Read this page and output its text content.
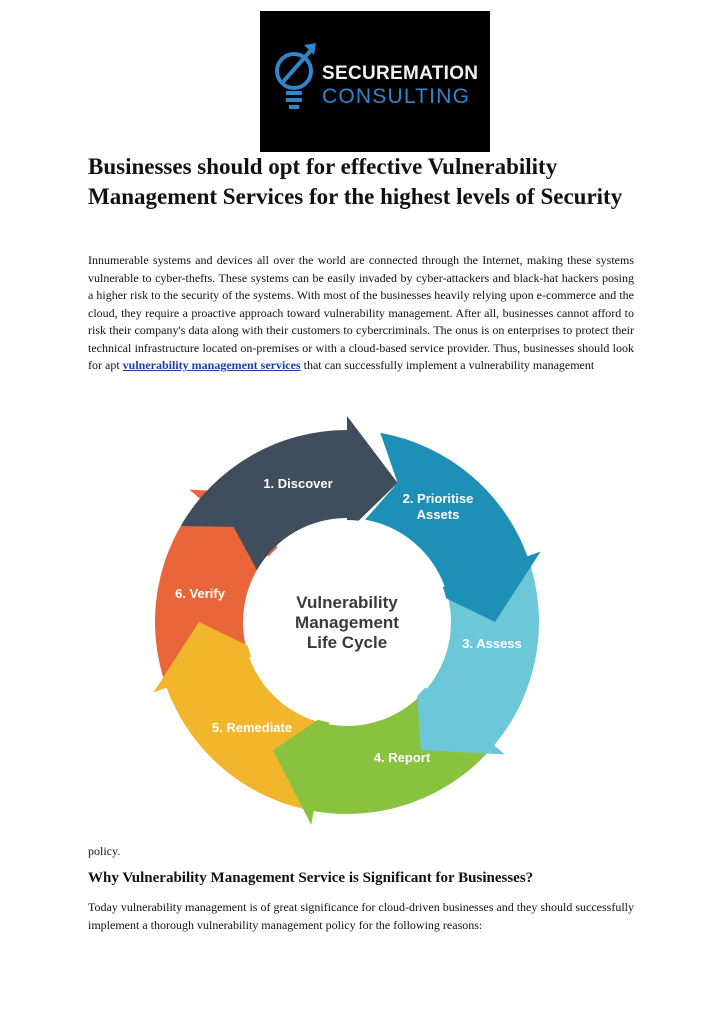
SECUREMATION
CONSULTING
Businesses should opt for effective Vulnerability Management Services for the highest levels of Security

Innumerable systems and devices all over the world are connected through the Internet, making these systems vulnerable to cyber-thefts. These systems can be easily invaded by cyber-attackers and black-hat hackers posing a higher risk to the security of the systems. With most of the businesses heavily relying upon e-commerce and the cloud, they require a proactive approach toward vulnerability management. After all, businesses cannot afford to risk their company's data along with their customers to cybercriminals. The onus is on enterprises to protect their technical infrastructure located on-premises or with a cloud-based service provider. Thus, businesses should look for apt vulnerability management services that can successfully implement a vulnerability management

1. Discover
2. Prioritise
Assets
3. Assess
4. Report
5. Remediate
6. Verify	Vulnerability
Management
Life Cycle

policy.

Why Vulnerability Management Service is Significant for Businesses?

Today vulnerability management is of great significance for cloud-driven businesses and they should successfully implement a thorough vulnerability management policy for the following reasons:
